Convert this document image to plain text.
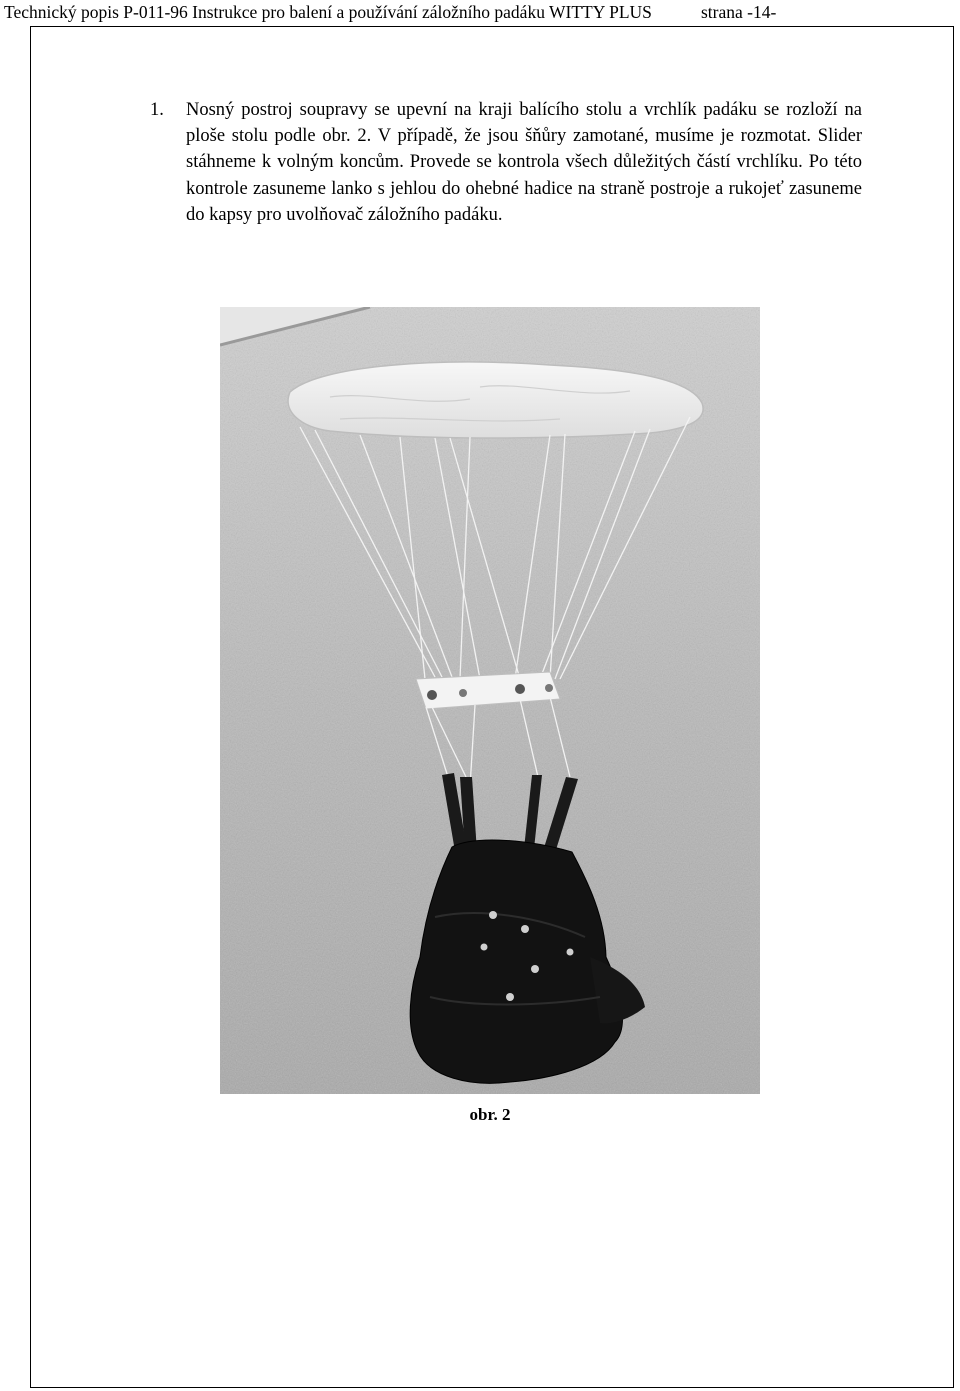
Technický popis P-011-96 Instrukce pro balení a používání záložního padáku WITTY PLUS	strana -14-
1. Nosný postroj soupravy se upevní na kraji balícího stolu a vrchlík padáku se rozloží na ploše stolu podle obr. 2. V případě, že jsou šňůry zamotané, musíme je rozmotat. Slider stáhneme k volným koncům. Provede se kontrola všech důležitých částí vrchlíku. Po této kontrole zasuneme lanko s jehlou do ohebné hadice na straně postroje a rukojeť zasuneme do kapsy pro uvolňovač záložního padáku.
obr. 2
